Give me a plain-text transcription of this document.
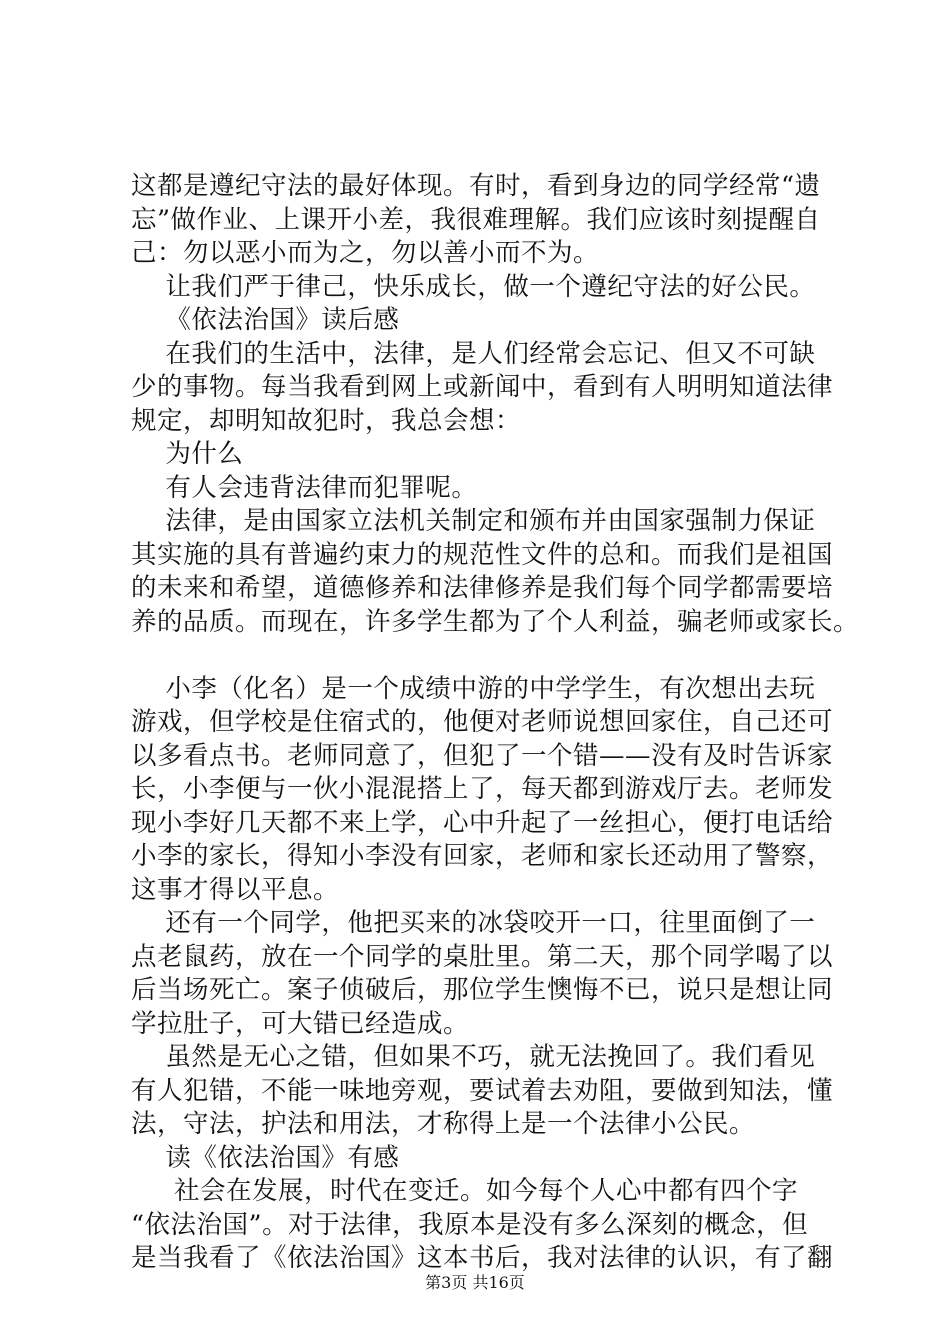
这都是遵纪守法的最好体现。有时，看到身边的同学经常“遗
忘”做作业、上课开小差，我很难理解。我们应该时刻提醒自
己：勿以恶小而为之，勿以善小而不为。
让我们严于律己，快乐成长，做一个遵纪守法的好公民。
《依法治国》读后感
在我们的生活中，法律，是人们经常会忘记、但又不可缺
少的事物。每当我看到网上或新闻中，看到有人明明知道法律
规定，却明知故犯时，我总会想：
为什么
有人会违背法律而犯罪呢。
法律，是由国家立法机关制定和颁布并由国家强制力保证
其实施的具有普遍约束力的规范性文件的总和。而我们是祖国
的未来和希望，道德修养和法律修养是我们每个同学都需要培
养的品质。而现在，许多学生都为了个人利益，骗老师或家长。
小李（化名）是一个成绩中游的中学学生，有次想出去玩
游戏，但学校是住宿式的，他便对老师说想回家住，自己还可
以多看点书。老师同意了，但犯了一个错——没有及时告诉家
长，小李便与一伙小混混搭上了，每天都到游戏厅去。老师发
现小李好几天都不来上学，心中升起了一丝担心，便打电话给
小李的家长，得知小李没有回家，老师和家长还动用了警察，
这事才得以平息。
还有一个同学，他把买来的冰袋咬开一口，往里面倒了一
点老鼠药，放在一个同学的桌肚里。第二天，那个同学喝了以
后当场死亡。案子侦破后，那位学生懊悔不已，说只是想让同
学拉肚子，可大错已经造成。
虽然是无心之错，但如果不巧，就无法挽回了。我们看见
有人犯错，不能一味地旁观，要试着去劝阻，要做到知法，懂
法，守法，护法和用法，才称得上是一个法律小公民。
读《依法治国》有感
社会在发展，时代在变迁。如今每个人心中都有四个字
“依法治国”。对于法律，我原本是没有多么深刻的概念，但
是当我看了《依法治国》这本书后，我对法律的认识，有了翻
第3页 共16页
